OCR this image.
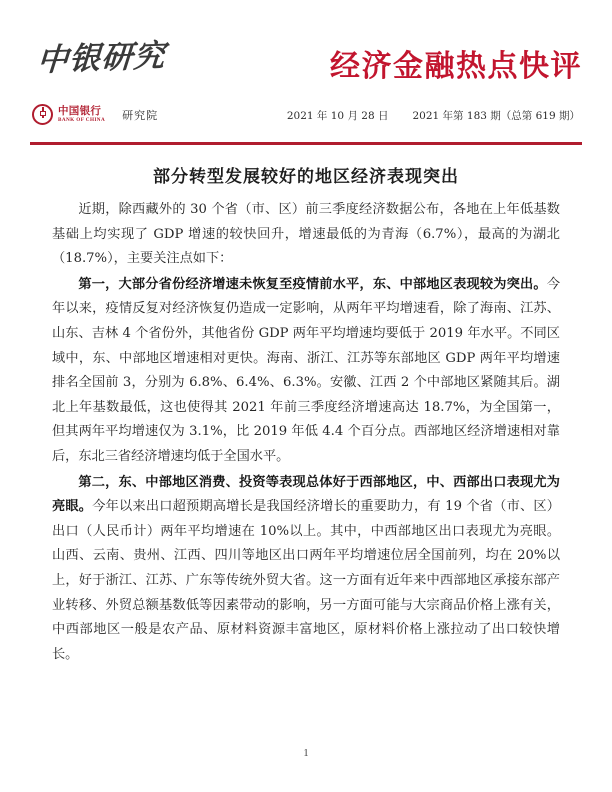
中银研究
中国银行
BANK OF CHINA 研究院
经济金融热点快评
2021 年 10 月 28 日 2021 年第 183 期（总第 619 期）
部分转型发展较好的地区经济表现突出

近期，除西藏外的 30 个省（市、区）前三季度经济数据公布，各地在上年低基数基础上均实现了 GDP 增速的较快回升，增速最低的为青海（6.7%），最高的为湖北（18.7%），主要关注点如下：

第一，大部分省份经济增速未恢复至疫情前水平，东、中部地区表现较为突出。今年以来，疫情反复对经济恢复仍造成一定影响，从两年平均增速看，除了海南、江苏、山东、吉林 4 个省份外，其他省份 GDP 两年平均增速均要低于 2019 年水平。不同区域中，东、中部地区增速相对更快。海南、浙江、江苏等东部地区 GDP 两年平均增速排名全国前 3，分别为 6.8%、6.4%、6.3%。安徽、江西 2 个中部地区紧随其后。湖北上年基数最低，这也使得其 2021 年前三季度经济增速高达 18.7%，为全国第一，但其两年平均增速仅为 3.1%，比 2019 年低 4.4 个百分点。西部地区经济增速相对靠后，东北三省经济增速均低于全国水平。

第二，东、中部地区消费、投资等表现总体好于西部地区，中、西部出口表现尤为亮眼。今年以来出口超预期高增长是我国经济增长的重要助力，有 19 个省（市、区）出口（人民币计）两年平均增速在 10%以上。其中，中西部地区出口表现尤为亮眼。山西、云南、贵州、江西、四川等地区出口两年平均增速位居全国前列，均在 20%以上，好于浙江、江苏、广东等传统外贸大省。这一方面有近年来中西部地区承接东部产业转移、外贸总额基数低等因素带动的影响，另一方面可能与大宗商品价格上涨有关，中西部地区一般是农产品、原材料资源丰富地区，原材料价格上涨拉动了出口较快增长。

1
